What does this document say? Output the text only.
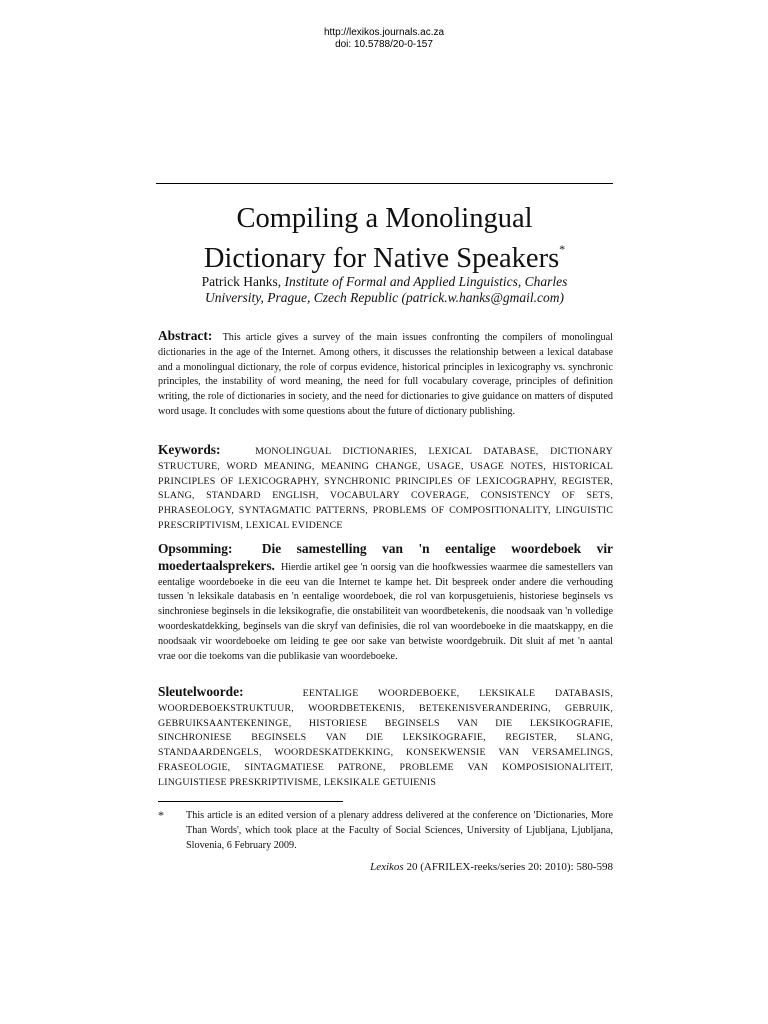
http://lexikos.journals.ac.za
doi: 10.5788/20-0-157
Compiling a Monolingual
Dictionary for Native Speakers*
Patrick Hanks, Institute of Formal and Applied Linguistics, Charles
University, Prague, Czech Republic (patrick.w.hanks@gmail.com)
Abstract: This article gives a survey of the main issues confronting the compilers of monolingual dictionaries in the age of the Internet. Among others, it discusses the relationship between a lexical database and a monolingual dictionary, the role of corpus evidence, historical principles in lexicography vs. synchronic principles, the instability of word meaning, the need for full vocabulary coverage, principles of definition writing, the role of dictionaries in society, and the need for dictionaries to give guidance on matters of disputed word usage. It concludes with some questions about the future of dictionary publishing.
Keywords:	MONOLINGUAL DICTIONARIES, LEXICAL DATABASE, DICTIONARY STRUCTURE, WORD MEANING, MEANING CHANGE, USAGE, USAGE NOTES, HISTORICAL PRINCIPLES OF LEXICOGRAPHY, SYNCHRONIC PRINCIPLES OF LEXICOGRAPHY, REGISTER, SLANG, STANDARD ENGLISH, VOCABULARY COVERAGE, CONSISTENCY OF SETS, PHRASEOLOGY, SYNTAGMATIC PATTERNS, PROBLEMS OF COMPOSITIONALITY, LINGUISTIC PRESCRIPTIVISM, LEXICAL EVIDENCE
Opsomming: Die samestelling van 'n eentalige woordeboek vir moedertaalsprekers. Hierdie artikel gee 'n oorsig van die hoofkwessies waarmee die samestellers van eentalige woordeboeke in die eeu van die Internet te kampe het. Dit bespreek onder andere die verhouding tussen 'n leksikale databasis en 'n eentalige woordeboek, die rol van korpusgetuienis, historiese beginsels vs sinchroniese beginsels in die leksikografie, die onstabiliteit van woordbetekenis, die noodsaak van 'n volledige woordeskatdekking, beginsels van die skryf van definisies, die rol van woordeboeke in die maatskappy, en die noodsaak vir woordeboeke om leiding te gee oor sake van betwiste woordgebruik. Dit sluit af met 'n aantal vrae oor die toekoms van die publikasie van woordeboeke.
Sleutelwoorde:	EENTALIGE WOORDEBOEKE, LEKSIKALE DATABASIS, WOORDEBOEKSTRUKTUUR, WOORDBETEKENIS, BETEKENISVERANDERING, GEBRUIK, GEBRUIKSAANTEKENINGE, HISTORIESE BEGINSELS VAN DIE LEKSIKOGRAFIE, SINCHRONIESE BEGINSELS VAN DIE LEKSIKOGRAFIE, REGISTER, SLANG, STANDAARDENGELS, WOORDESKATDEKKING, KONSEKWENSIE VAN VERSAMELINGS, FRASEOLOGIE, SINTAGMATIESE PATRONE, PROBLEME VAN KOMPOSISIONALITEIT, LINGUISTIESE PRESKRIPTIVISME, LEKSIKALE GETUIENIS
* This article is an edited version of a plenary address delivered at the conference on 'Dictionaries, More Than Words', which took place at the Faculty of Social Sciences, University of Ljubljana, Ljubljana, Slovenia, 6 February 2009.
Lexikos 20 (AFRILEX-reeks/series 20: 2010): 580-598
